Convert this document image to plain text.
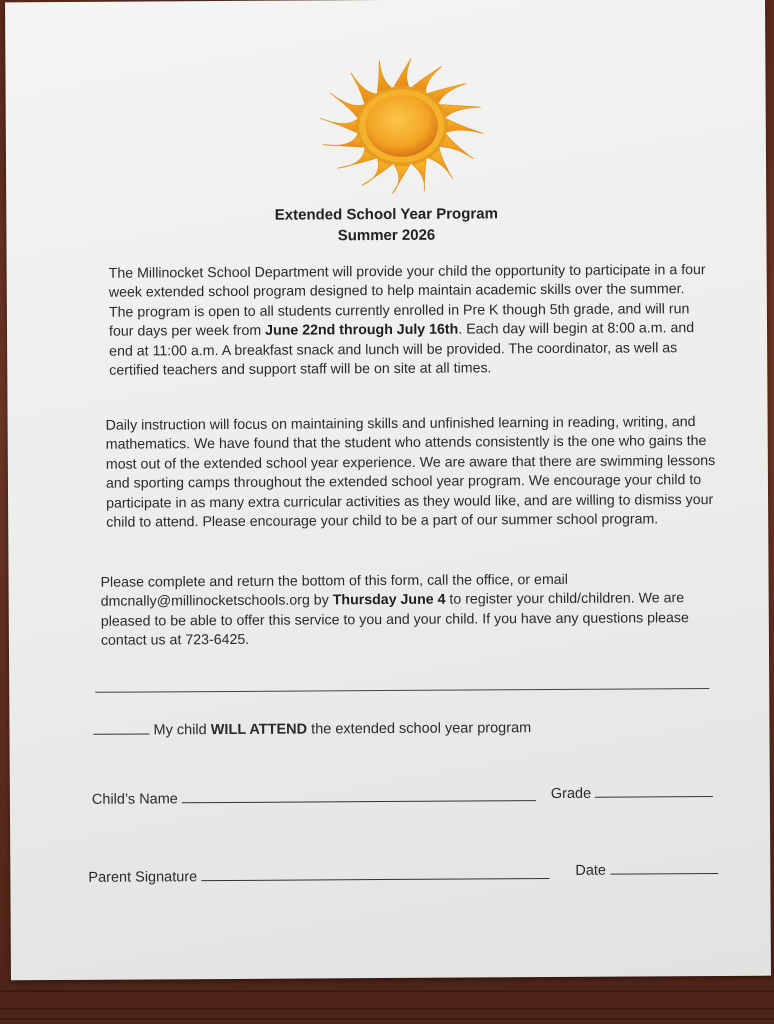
Extended School Year Program
Summer 2026
The Millinocket School Department will provide your child the opportunity to participate in a four week extended school program designed to help maintain academic skills over the summer. The program is open to all students currently enrolled in Pre K though 5th grade, and will run four days per week from June 22nd through July 16th. Each day will begin at 8:00 a.m. and end at 11:00 a.m. A breakfast snack and lunch will be provided. The coordinator, as well as certified teachers and support staff will be on site at all times.
Daily instruction will focus on maintaining skills and unfinished learning in reading, writing, and mathematics. We have found that the student who attends consistently is the one who gains the most out of the extended school year experience. We are aware that there are swimming lessons and sporting camps throughout the extended school year program. We encourage your child to participate in as many extra curricular activities as they would like, and are willing to dismiss your child to attend. Please encourage your child to be a part of our summer school program.
Please complete and return the bottom of this form, call the office, or email dmcnally@millinocketschools.org by Thursday June 4 to register your child/children. We are pleased to be able to offer this service to you and your child. If you have any questions please contact us at 723-6425.
My child WILL ATTEND the extended school year program
Child’s Name	Grade
Parent Signature	Date
